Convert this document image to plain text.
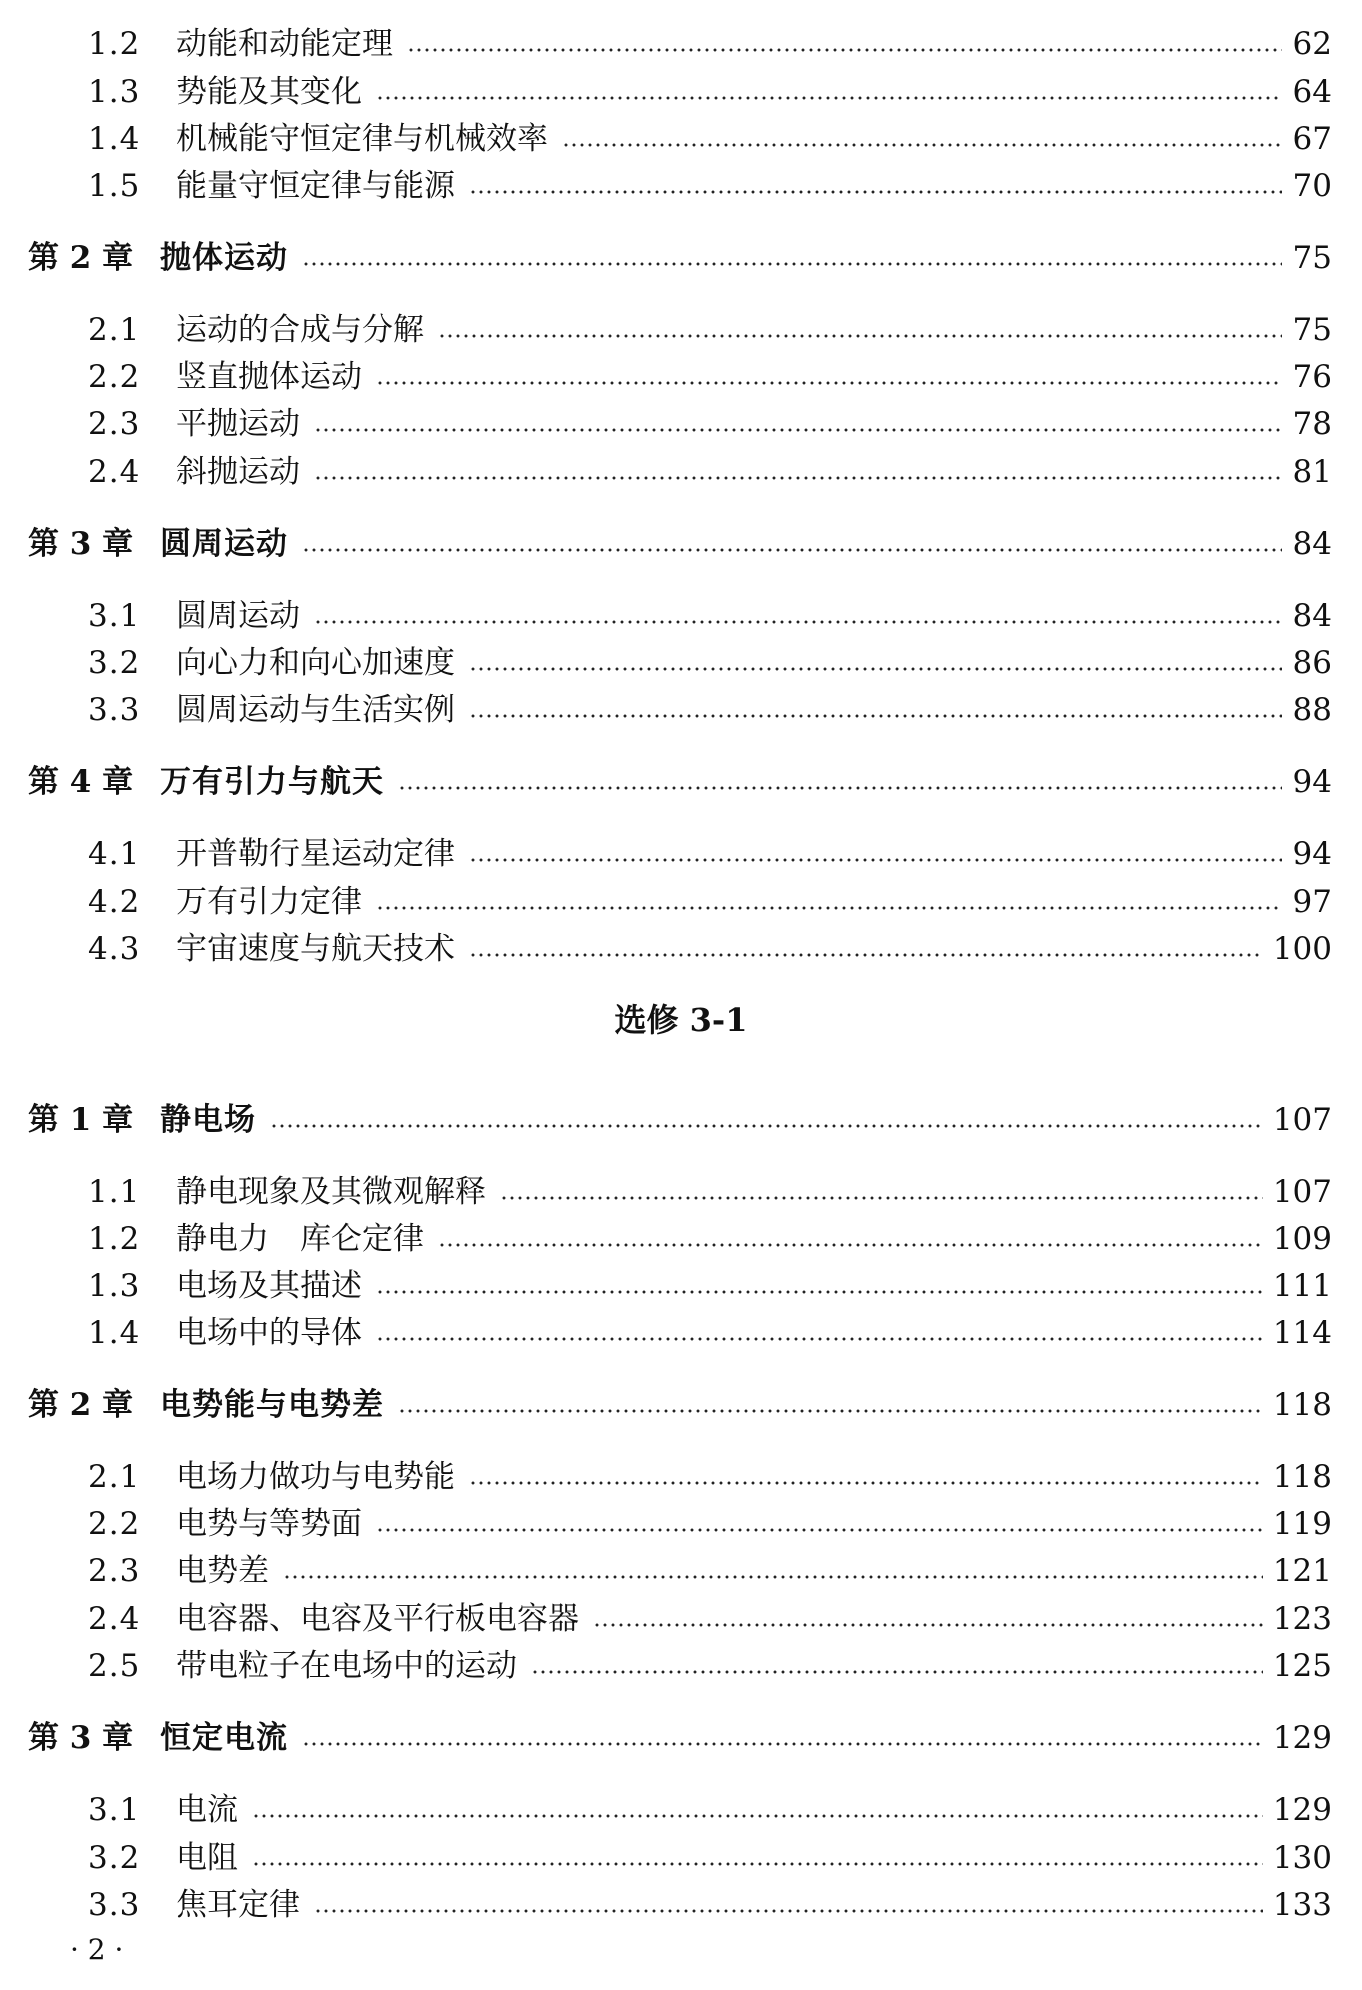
1.2	动能和动能定理	62
1.3	势能及其变化	64
1.4	机械能守恒定律与机械效率	67
1.5	能量守恒定律与能源	70
第 2 章 抛体运动	75
2.1	运动的合成与分解	75
2.2	竖直抛体运动	76
2.3	平抛运动	78
2.4	斜抛运动	81
第 3 章 圆周运动	84
3.1	圆周运动	84
3.2	向心力和向心加速度	86
3.3	圆周运动与生活实例	88
第 4 章 万有引力与航天	94
4.1	开普勒行星运动定律	94
4.2	万有引力定律	97
4.3	宇宙速度与航天技术	100
选修 3-1
第 1 章 静电场	107
1.1	静电现象及其微观解释	107
1.2	静电力　库仑定律	109
1.3	电场及其描述	111
1.4	电场中的导体	114
第 2 章 电势能与电势差	118
2.1	电场力做功与电势能	118
2.2	电势与等势面	119
2.3	电势差	121
2.4	电容器、电容及平行板电容器	123
2.5	带电粒子在电场中的运动	125
第 3 章 恒定电流	129
3.1	电流	129
3.2	电阻	130
3.3	焦耳定律	133
· 2 ·
